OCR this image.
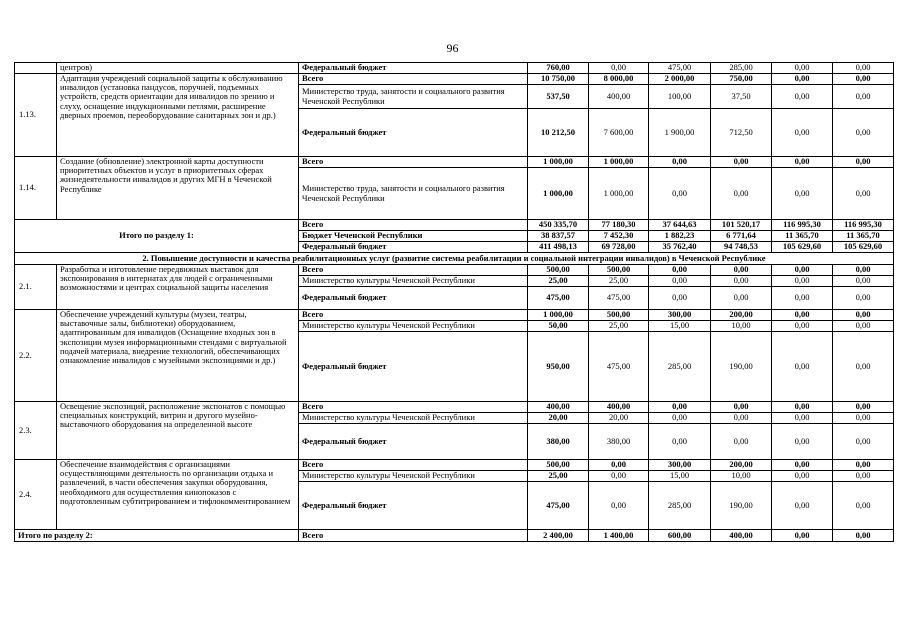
96
	центров)	Федеральный бюджет	760,00	0,00	475,00	285,00	0,00	0,00
1.13.	Адаптация учреждений социальной защиты к обслуживанию инвалидов (установка пандусов, поручней, подъемных устройств, средств ориентации для инвалидов по зрению и слуху, оснащение индукционными петлями, расширение дверных проемов, переоборудование санитарных зон и др.)	Всего	10 750,00	8 000,00	2 000,00	750,00	0,00	0,00
		Министерство труда, занятости и социального развития Чеченской Республики	537,50	400,00	100,00	37,50	0,00	0,00
		Федеральный бюджет	10 212,50	7 600,00	1 900,00	712,50	0,00	0,00
1.14.	Создание (обновление) электронной карты доступности приоритетных объектов и услуг в приоритетных сферах жизнедеятельности инвалидов и других МГН в Чеченской Республике	Всего	1 000,00	1 000,00	0,00	0,00	0,00	0,00
		Министерство труда, занятости и социального развития Чеченской Республики	1 000,00	1 000,00	0,00	0,00	0,00	0,00
Итого по разделу 1:		Всего	450 335,70	77 180,30	37 644,63	101 520,17	116 995,30	116 995,30
		Бюджет Чеченской Республики	38 837,57	7 452,30	1 882,23	6 771,64	11 365,70	11 365,70
		Федеральный бюджет	411 498,13	69 728,00	35 762,40	94 748,53	105 629,60	105 629,60
2. Повышение доступности и качества реабилитационных услуг (развитие системы реабилитации и социальной интеграции инвалидов) в Чеченской Республике								
2.1.	Разработка и изготовление передвижных выставок для экспонирования в интернатах для людей с ограниченными возможностями и центрах социальной защиты населения	Всего	500,00	500,00	0,00	0,00	0,00	0,00
		Министерство культуры Чеченской Республики	25,00	25,00	0,00	0,00	0,00	0,00
		Федеральный бюджет	475,00	475,00	0,00	0,00	0,00	0,00
2.2.	Обеспечение учреждений культуры (музеи, театры, выставочные залы, библиотеки) оборудованием, адаптированным для инвалидов (Оснащение входных зон в экспозиции музея информационными стендами с виртуальной подачей материала, внедрение технологий, обеспечивающих ознакомление инвалидов с музейными экспозициями и др.)	Всего	1 000,00	500,00	300,00	200,00	0,00	0,00
		Министерство культуры Чеченской Республики	50,00	25,00	15,00	10,00	0,00	0,00
		Федеральный бюджет	950,00	475,00	285,00	190,00	0,00	0,00
2.3.	Освещение экспозиций, расположение экспонатов с помощью специальных конструкций, витрин и другого музейно-выставочного оборудования на определенной высоте	Всего	400,00	400,00	0,00	0,00	0,00	0,00
		Министерство культуры Чеченской Республики	20,00	20,00	0,00	0,00	0,00	0,00
		Федеральный бюджет	380,00	380,00	0,00	0,00	0,00	0,00
2.4.	Обеспечение взаимодействия с организациями осуществляющими деятельность по организации отдыха и развлечений, в части обеспечения закупки оборудования, необходимого для осуществления кинопоказов с подготовленным субтитрированием и тифлокомментированием	Всего	500,00	0,00	300,00	200,00	0,00	0,00
		Министерство культуры Чеченской Республики	25,00	0,00	15,00	10,00	0,00	0,00
		Федеральный бюджет	475,00	0,00	285,00	190,00	0,00	0,00
Итого по разделу 2:		Всего	2 400,00	1 400,00	600,00	400,00	0,00	0,00
